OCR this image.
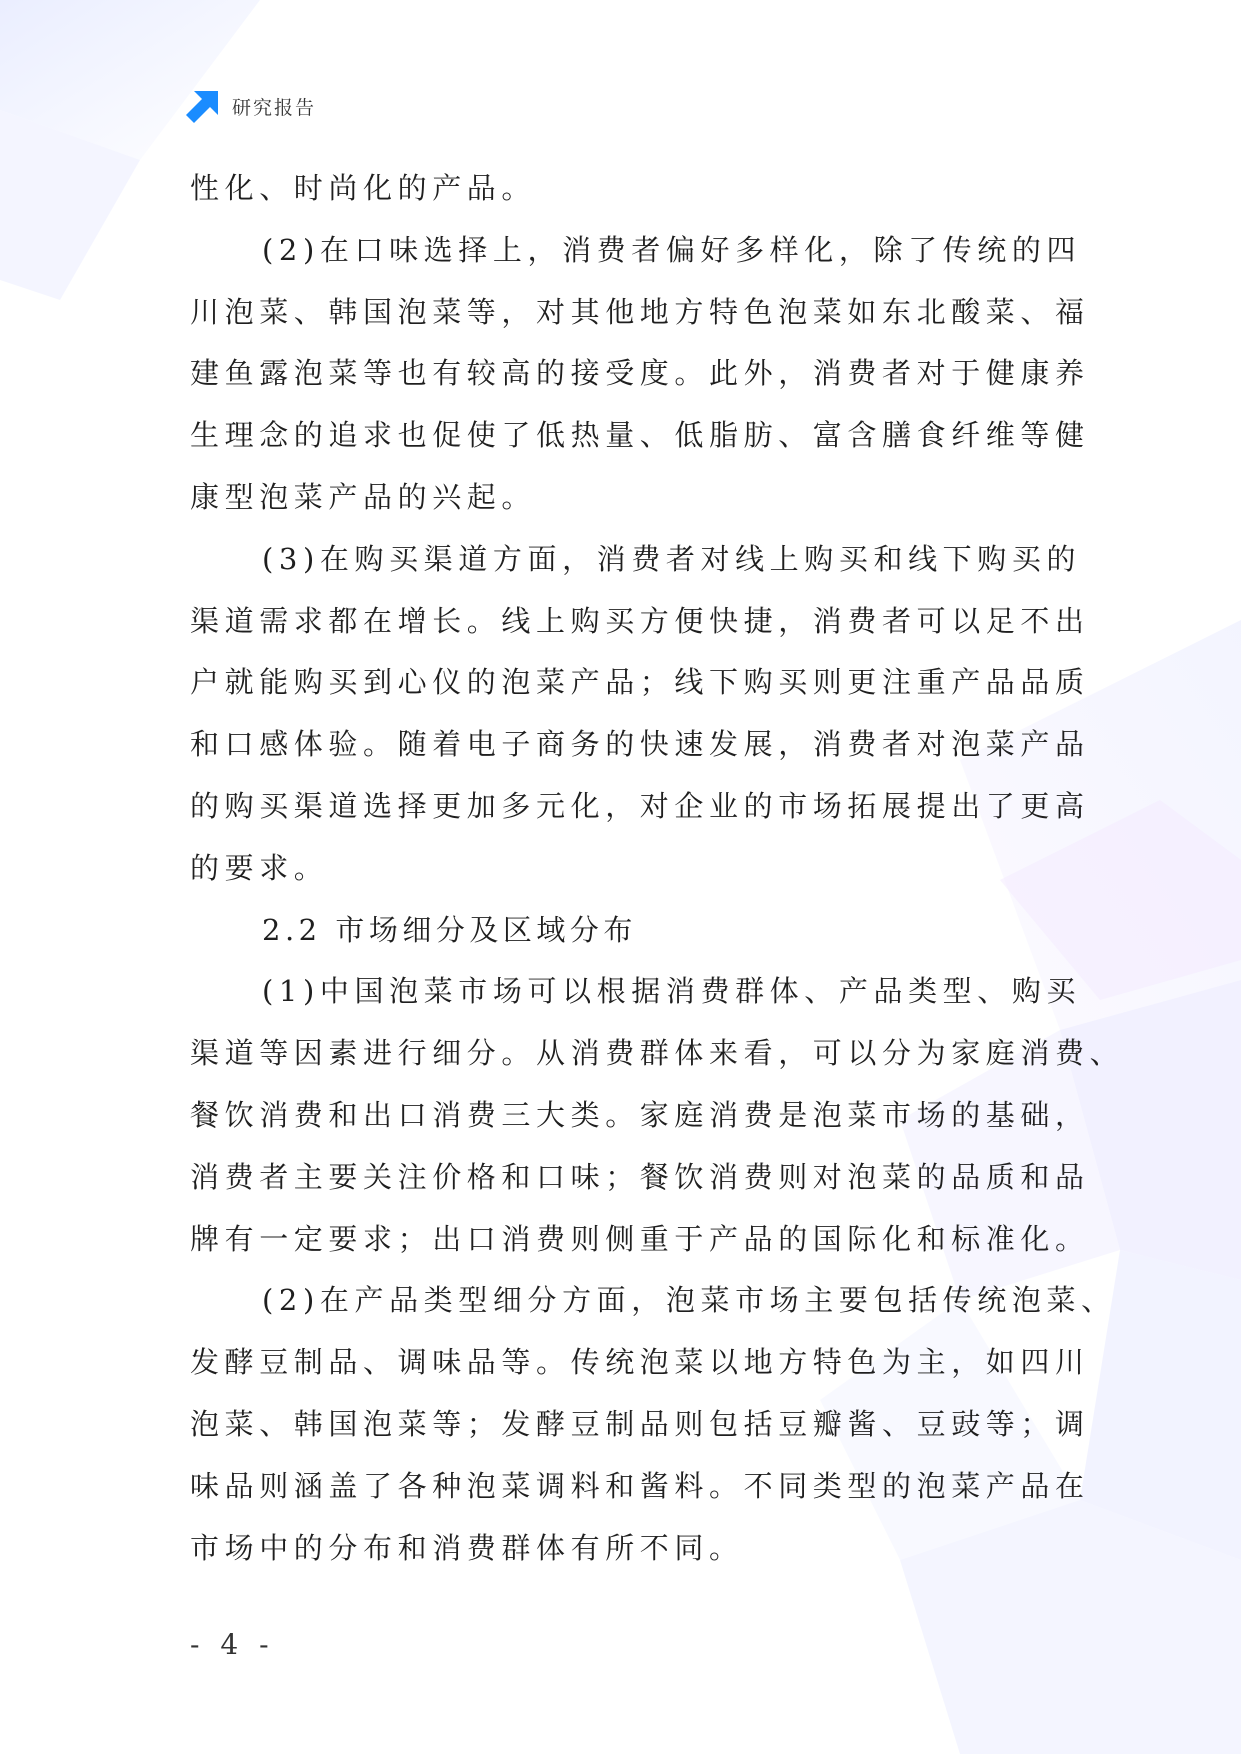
研究报告
性化、时尚化的产品。
(2)在口味选择上，消费者偏好多样化，除了传统的四
川泡菜、韩国泡菜等，对其他地方特色泡菜如东北酸菜、福
建鱼露泡菜等也有较高的接受度。此外，消费者对于健康养
生理念的追求也促使了低热量、低脂肪、富含膳食纤维等健
康型泡菜产品的兴起。
(3)在购买渠道方面，消费者对线上购买和线下购买的
渠道需求都在增长。线上购买方便快捷，消费者可以足不出
户就能购买到心仪的泡菜产品；线下购买则更注重产品品质
和口感体验。随着电子商务的快速发展，消费者对泡菜产品
的购买渠道选择更加多元化，对企业的市场拓展提出了更高
的要求。
2.2 市场细分及区域分布
(1)中国泡菜市场可以根据消费群体、产品类型、购买
渠道等因素进行细分。从消费群体来看，可以分为家庭消费、
餐饮消费和出口消费三大类。家庭消费是泡菜市场的基础，
消费者主要关注价格和口味；餐饮消费则对泡菜的品质和品
牌有一定要求；出口消费则侧重于产品的国际化和标准化。
(2)在产品类型细分方面，泡菜市场主要包括传统泡菜、
发酵豆制品、调味品等。传统泡菜以地方特色为主，如四川
泡菜、韩国泡菜等；发酵豆制品则包括豆瓣酱、豆豉等；调
味品则涵盖了各种泡菜调料和酱料。不同类型的泡菜产品在
市场中的分布和消费群体有所不同。
- 4 -
